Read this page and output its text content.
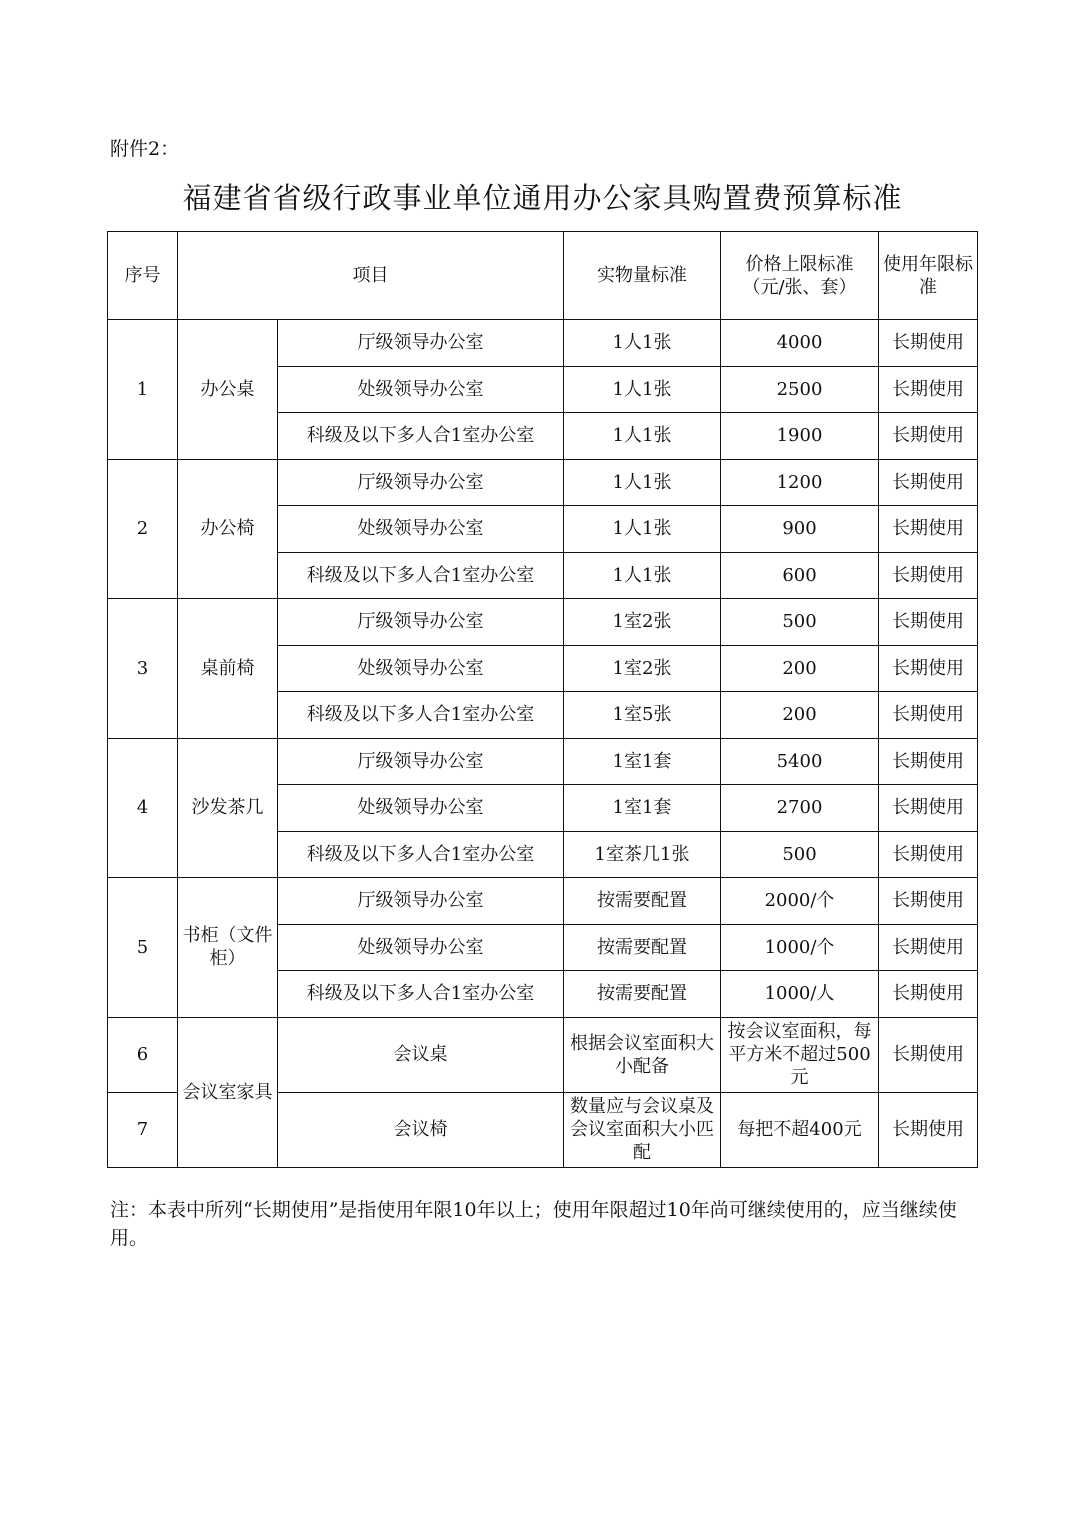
附件2：
福建省省级行政事业单位通用办公家具购置费预算标准
序号	项目		实物量标准	价格上限标准（元/张、套）	使用年限标准
1	办公桌	厅级领导办公室	1人1张	4000	长期使用
		处级领导办公室	1人1张	2500	长期使用
		科级及以下多人合1室办公室	1人1张	1900	长期使用
2	办公椅	厅级领导办公室	1人1张	1200	长期使用
		处级领导办公室	1人1张	900	长期使用
		科级及以下多人合1室办公室	1人1张	600	长期使用
3	桌前椅	厅级领导办公室	1室2张	500	长期使用
		处级领导办公室	1室2张	200	长期使用
		科级及以下多人合1室办公室	1室5张	200	长期使用
4	沙发茶几	厅级领导办公室	1室1套	5400	长期使用
		处级领导办公室	1室1套	2700	长期使用
		科级及以下多人合1室办公室	1室茶几1张	500	长期使用
5	书柜（文件柜）	厅级领导办公室	按需要配置	2000/个	长期使用
		处级领导办公室	按需要配置	1000/个	长期使用
		科级及以下多人合1室办公室	按需要配置	1000/人	长期使用
6	会议室家具	会议桌	根据会议室面积大小配备	按会议室面积，每平方米不超过500元	长期使用
7		会议椅	数量应与会议桌及会议室面积大小匹配	每把不超400元	长期使用
注：本表中所列“长期使用”是指使用年限10年以上；使用年限超过10年尚可继续使用的，应当继续使用。
